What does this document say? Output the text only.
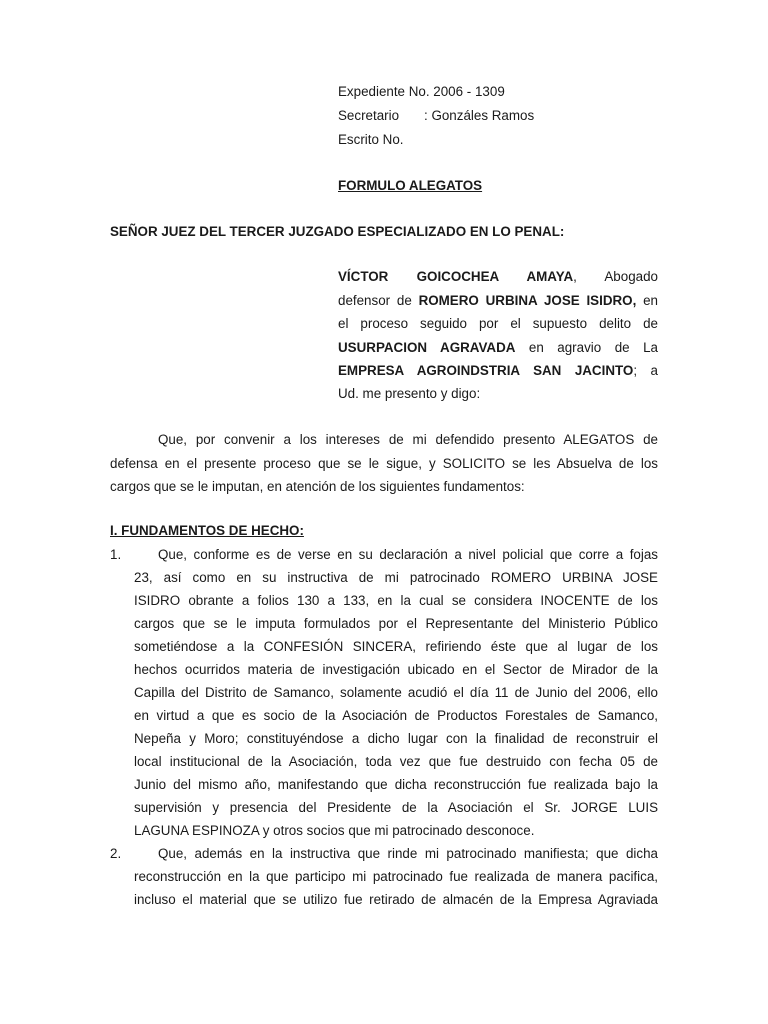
Expediente No. 2006 - 1309
Secretario : Gonzáles Ramos
Escrito No.
FORMULO ALEGATOS
SEÑOR JUEZ DEL TERCER JUZGADO ESPECIALIZADO EN LO PENAL:
VÍCTOR GOICOCHEA AMAYA, Abogado
defensor de ROMERO URBINA JOSE ISIDRO, en
el proceso seguido por el supuesto delito de
USURPACION AGRAVADA en agravio de La
EMPRESA AGROINDSTRIA SAN JACINTO; a
Ud. me presento y digo:
Que, por convenir a los intereses de mi defendido presento ALEGATOS de
defensa en el presente proceso que se le sigue, y SOLICITO se les Absuelva de los
cargos que se le imputan, en atención de los siguientes fundamentos:
I. FUNDAMENTOS DE HECHO:
1.	Que, conforme es de verse en su declaración a nivel policial que corre a fojas
23, así como en su instructiva de mi patrocinado ROMERO URBINA JOSE
ISIDRO obrante a folios 130 a 133, en la cual se considera INOCENTE de los
cargos que se le imputa formulados por el Representante del Ministerio Público
sometiéndose a la CONFESIÓN SINCERA, refiriendo éste que al lugar de los
hechos ocurridos materia de investigación ubicado en el Sector de Mirador de la
Capilla del Distrito de Samanco, solamente acudió el día 11 de Junio del 2006, ello
en virtud a que es socio de la Asociación de Productos Forestales de Samanco,
Nepeña y Moro; constituyéndose a dicho lugar con la finalidad de reconstruir el
local institucional de la Asociación, toda vez que fue destruido con fecha 05 de
Junio del mismo año, manifestando que dicha reconstrucción fue realizada bajo la
supervisión y presencia del Presidente de la Asociación el Sr. JORGE LUIS
LAGUNA ESPINOZA y otros socios que mi patrocinado desconoce.
2.	Que, además en la instructiva que rinde mi patrocinado manifiesta; que dicha
reconstrucción en la que participo mi patrocinado fue realizada de manera pacifica,
incluso el material que se utilizo fue retirado de almacén de la Empresa Agraviada
